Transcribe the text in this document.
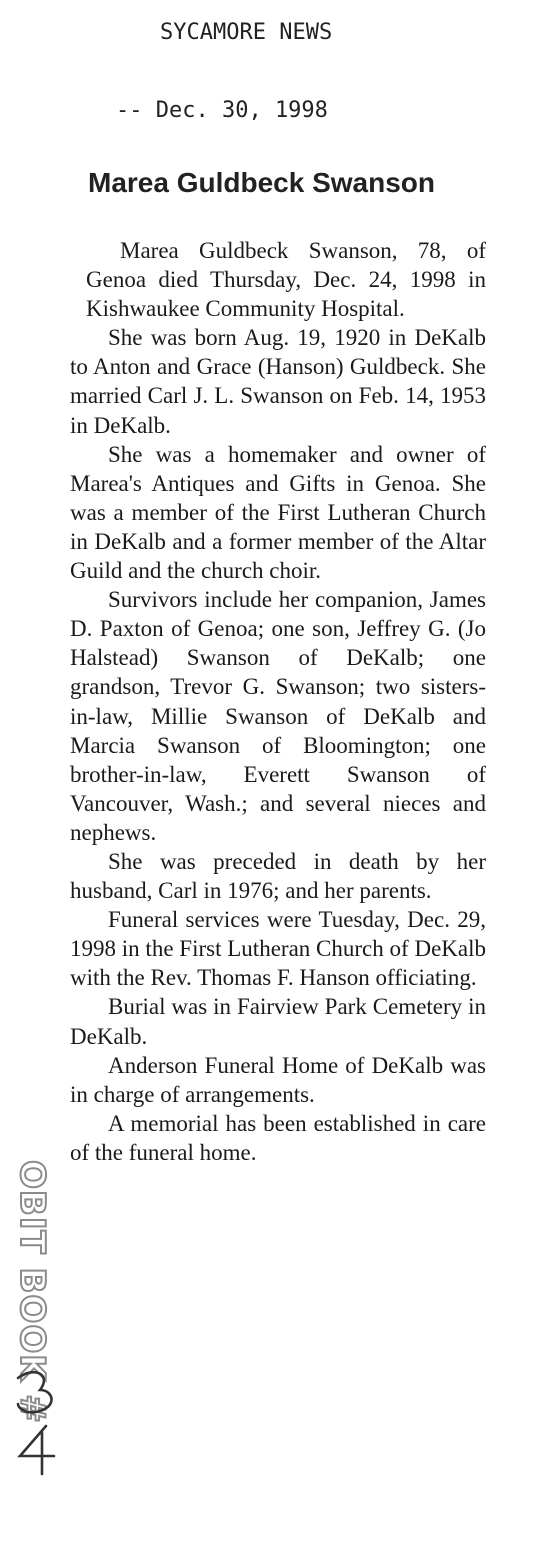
SYCAMORE NEWS
-- Dec. 30, 1998
Marea Guldbeck Swanson

Marea Guldbeck Swanson, 78, of Genoa died Thursday, Dec. 24, 1998 in Kishwaukee Community Hospital.

She was born Aug. 19, 1920 in DeKalb to Anton and Grace (Hanson) Guldbeck. She married Carl J. L. Swanson on Feb. 14, 1953 in DeKalb.

She was a homemaker and owner of Marea's Antiques and Gifts in Genoa. She was a member of the First Lutheran Church in DeKalb and a former member of the Altar Guild and the church choir.

Survivors include her companion, James D. Paxton of Genoa; one son, Jeffrey G. (Jo Halstead) Swanson of DeKalb; one grandson, Trevor G. Swanson; two sisters-in-law, Millie Swanson of DeKalb and Marcia Swanson of Bloomington; one brother-in-law, Everett Swanson of Vancouver, Wash.; and several nieces and nephews.

She was preceded in death by her husband, Carl in 1976; and her parents.

Funeral services were Tuesday, Dec. 29, 1998 in the First Lutheran Church of DeKalb with the Rev. Thomas F. Hanson officiating.

Burial was in Fairview Park Cemetery in DeKalb.

Anderson Funeral Home of DeKalb was in charge of arrangements.

A memorial has been established in care of the funeral home.

OBIT BOOK #
